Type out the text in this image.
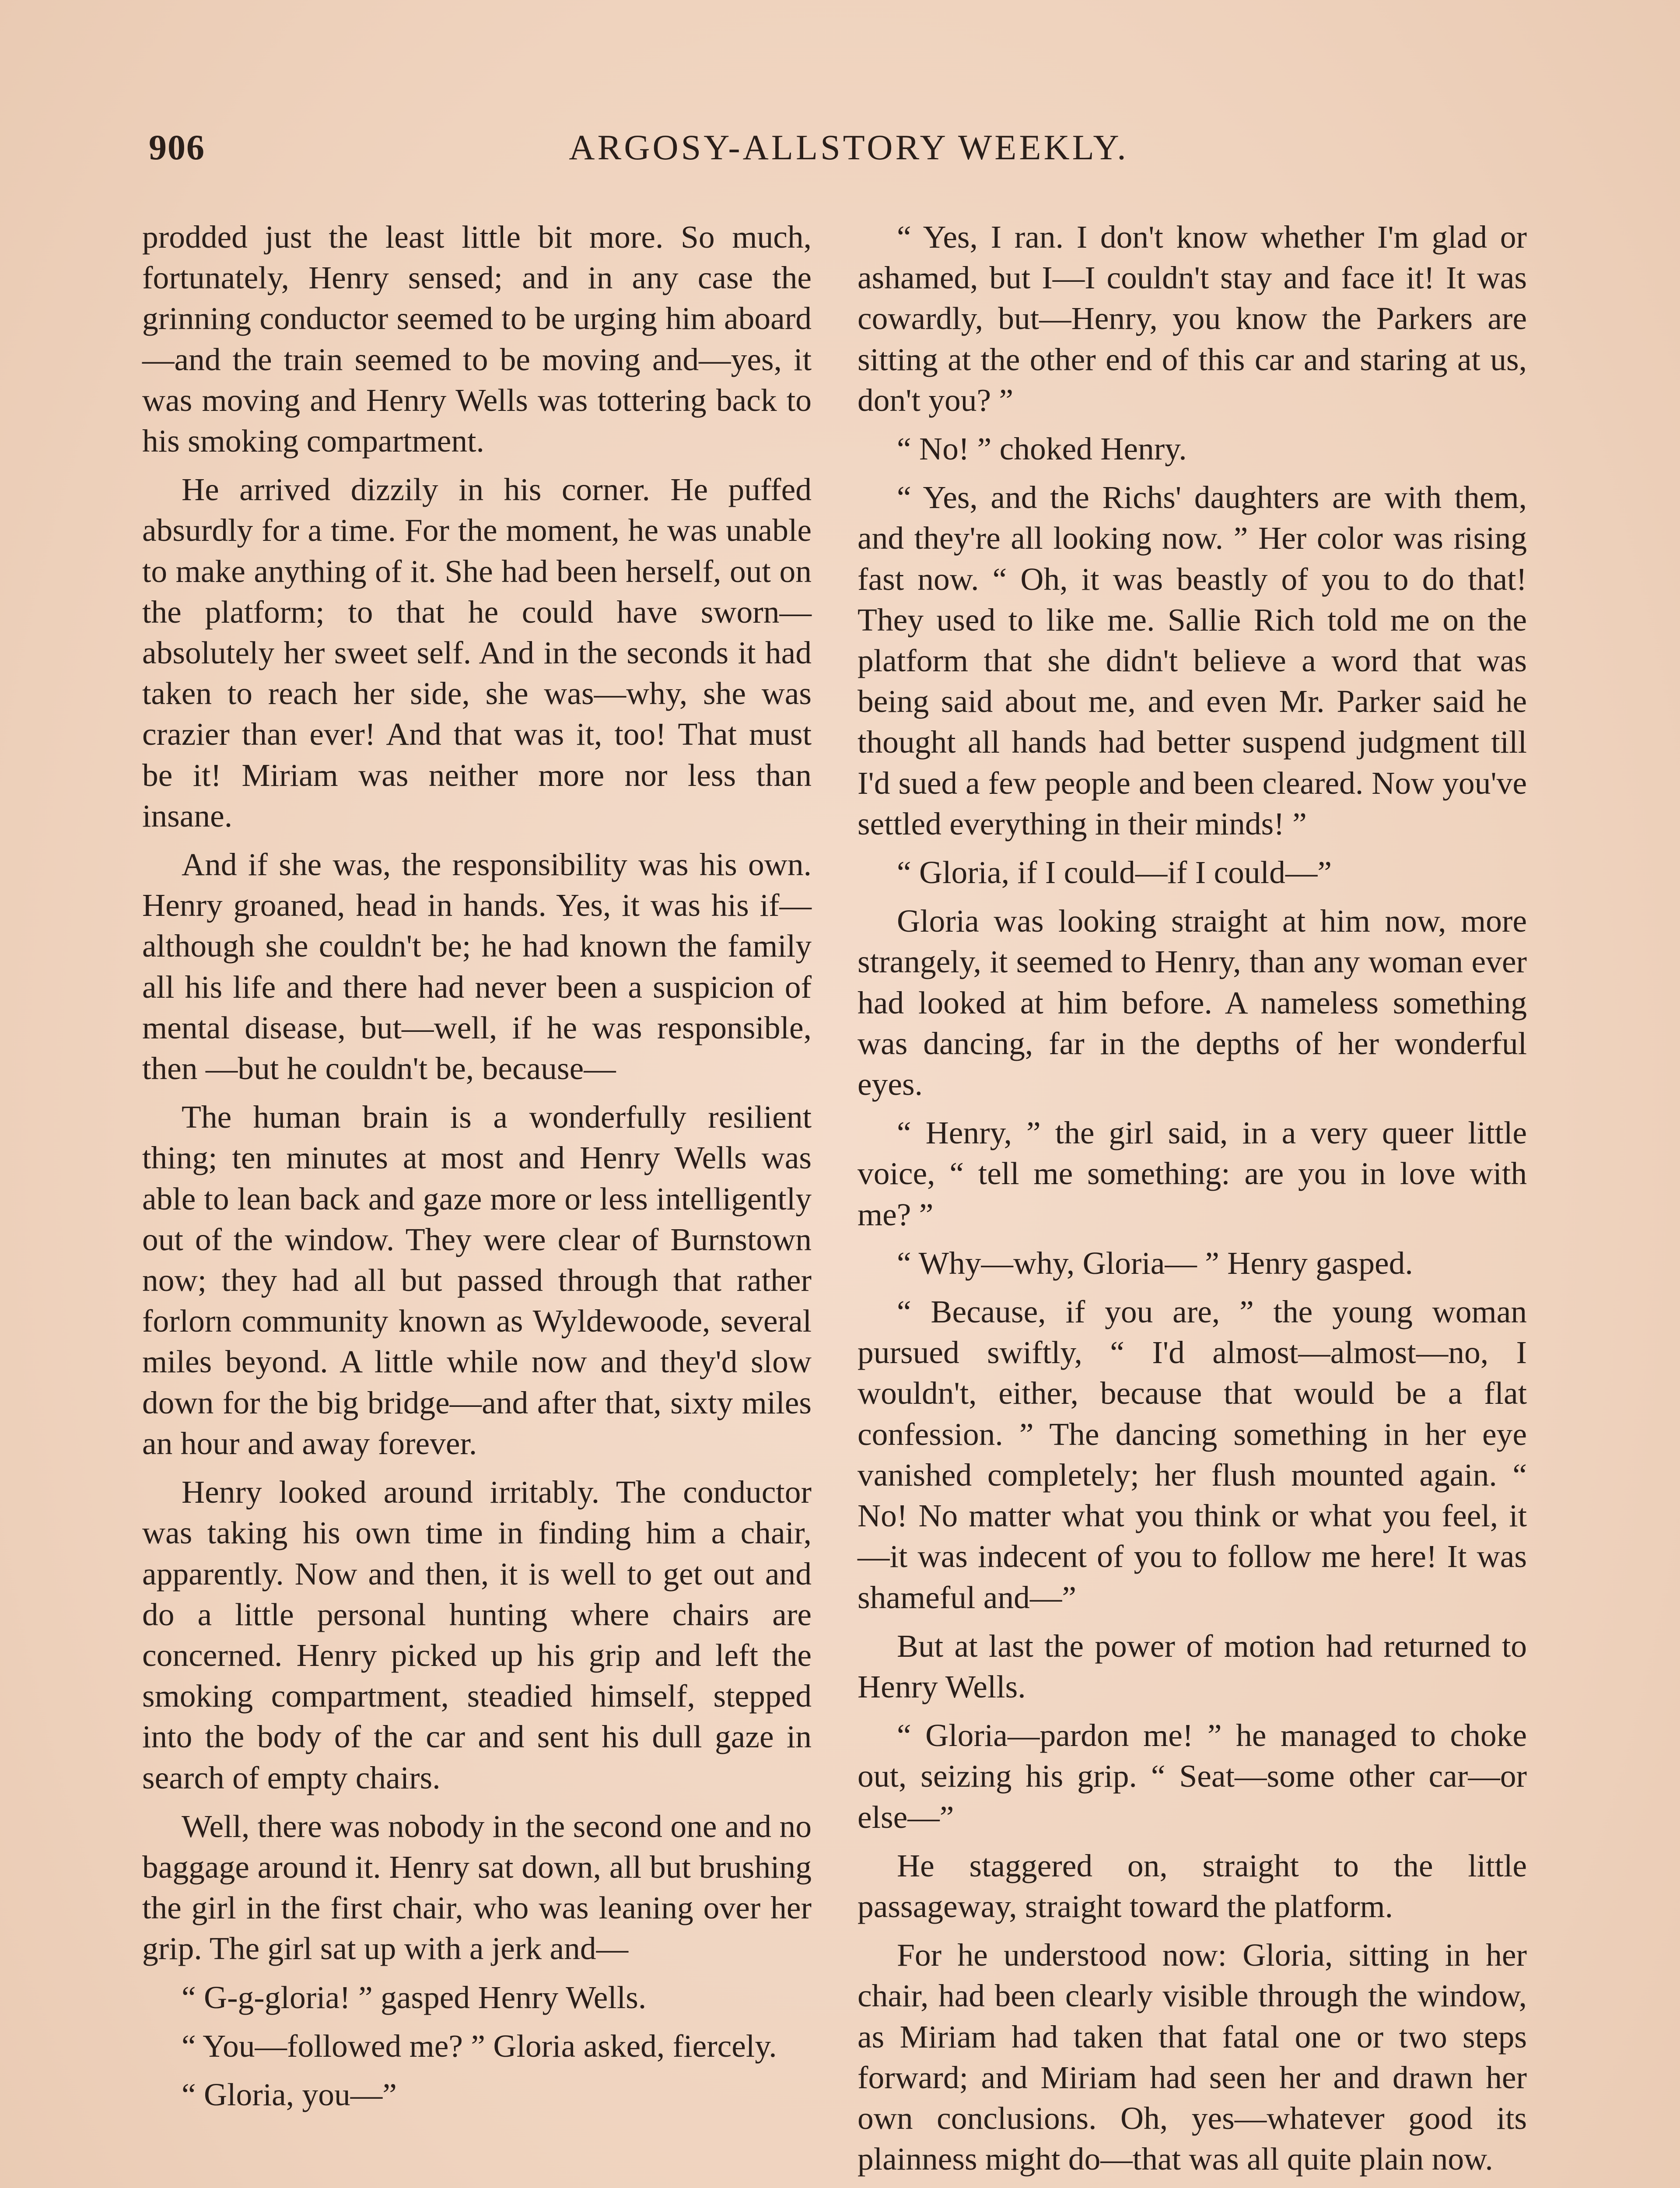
906	ARGOSY-ALLSTORY WEEKLY.

prodded just the least little bit more. So much, fortunately, Henry sensed; and in any case the grinning conductor seemed to be urging him aboard—and the train seemed to be moving and—yes, it was moving and Henry Wells was tottering back to his smoking compartment.

He arrived dizzily in his corner. He puffed absurdly for a time. For the moment, he was unable to make anything of it. She had been herself, out on the platform; to that he could have sworn—absolutely her sweet self. And in the seconds it had taken to reach her side, she was—why, she was crazier than ever! And that was it, too! That must be it! Miriam was neither more nor less than insane.

And if she was, the responsibility was his own. Henry groaned, head in hands. Yes, it was his if—although she couldn't be; he had known the family all his life and there had never been a suspicion of mental disease, but—well, if he was responsible, then —but he couldn't be, because—

The human brain is a wonderfully resilient thing; ten minutes at most and Henry Wells was able to lean back and gaze more or less intelligently out of the window. They were clear of Burnstown now; they had all but passed through that rather forlorn community known as Wyldewoode, several miles beyond. A little while now and they'd slow down for the big bridge—and after that, sixty miles an hour and away forever.

Henry looked around irritably. The conductor was taking his own time in finding him a chair, apparently. Now and then, it is well to get out and do a little personal hunting where chairs are concerned. Henry picked up his grip and left the smoking compartment, steadied himself, stepped into the body of the car and sent his dull gaze in search of empty chairs.

Well, there was nobody in the second one and no baggage around it. Henry sat down, all but brushing the girl in the first chair, who was leaning over her grip. The girl sat up with a jerk and—

“ G-g-gloria! ” gasped Henry Wells.

“ You—followed me? ” Gloria asked, fiercely.

“ Gloria, you—”

“ Yes, I ran. I don't know whether I'm glad or ashamed, but I—I couldn't stay and face it! It was cowardly, but—Henry, you know the Parkers are sitting at the other end of this car and staring at us, don't you? ”

“ No! ” choked Henry.

“ Yes, and the Richs' daughters are with them, and they're all looking now. ” Her color was rising fast now. “ Oh, it was beastly of you to do that! They used to like me. Sallie Rich told me on the platform that she didn't believe a word that was being said about me, and even Mr. Parker said he thought all hands had better suspend judgment till I'd sued a few people and been cleared. Now you've settled everything in their minds! ”

“ Gloria, if I could—if I could—”

Gloria was looking straight at him now, more strangely, it seemed to Henry, than any woman ever had looked at him before. A nameless something was dancing, far in the depths of her wonderful eyes.

“ Henry, ” the girl said, in a very queer little voice, “ tell me something: are you in love with me? ”

“ Why—why, Gloria— ” Henry gasped.

“ Because, if you are, ” the young woman pursued swiftly, “ I'd almost—almost—no, I wouldn't, either, because that would be a flat confession. ” The dancing something in her eye vanished completely; her flush mounted again. “ No! No matter what you think or what you feel, it—it was indecent of you to follow me here! It was shameful and—”

But at last the power of motion had returned to Henry Wells.

“ Gloria—pardon me! ” he managed to choke out, seizing his grip. “ Seat—some other car—or else—”

He staggered on, straight to the little passageway, straight toward the platform.

For he understood now: Gloria, sitting in her chair, had been clearly visible through the window, as Miriam had taken that fatal one or two steps forward; and Miriam had seen her and drawn her own conclusions. Oh, yes—whatever good its plainness might do—that was all quite plain now.
